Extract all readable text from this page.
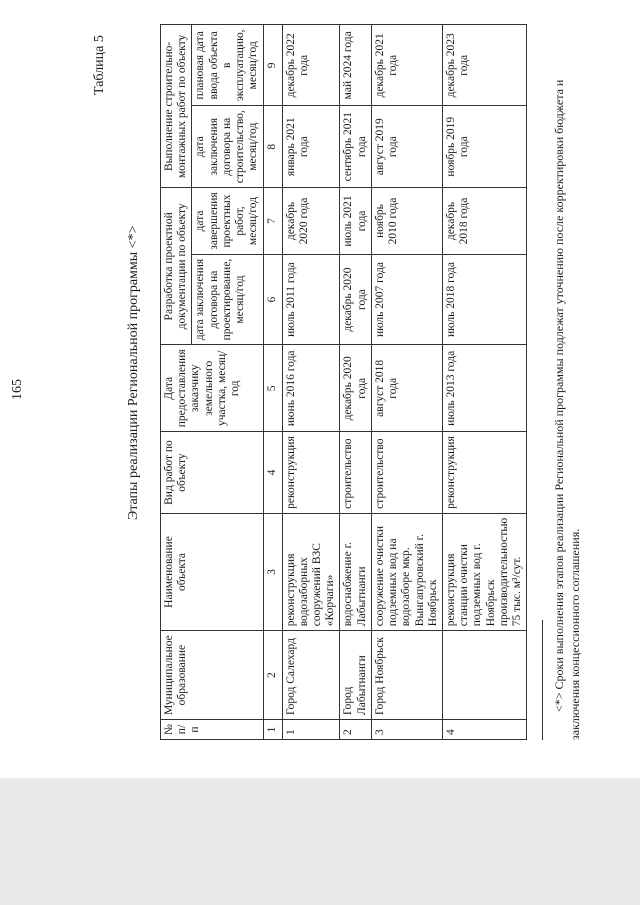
165
Таблица 5
Этапы реализации Региональной программы <*>
№ п/п	Муниципальное образование	Наименование объекта	Вид работ по объекту	Дата предоставления заказчику земельного участка, месяц/год	Разработка проектной документации по объекту		Выполнение строительно-монтажных работ по объекту	
					дата заключения договора на проектирование, месяц/год	дата завершения проектных работ, месяц/год	дата заключения договора на строительство, месяц/год	плановая дата ввода объекта в эксплуатацию, месяц/год
1	2	3	4	5	6	7	8	9
1	Город Салехард	реконструкция водозаборных сооружений ВЗС «Корчаги»	реконструкция	июнь 2016 года	июль 2011 года	декабрь 2020 года	январь 2021 года	декабрь 2022 года
2	Город Лабытнанги	водоснабжение г. Лабытнанги	строительство	декабрь 2020 года	декабрь 2020 года	июль 2021 года	сентябрь 2021 года	май 2024 года
3	Город Ноябрьск	сооружение очистки подземных вод на водозаборе мкр. Вынгапуровский г. Ноябрьск	строительство	август 2018 года	июль 2007 года	ноябрь 2010 года	август 2019 года	декабрь 2021 года
4		реконструкция станции очистки подземных вод г. Ноябрьск производительностью 75 тыс. м³/сут.	реконструкция	июль 2013 года	июль 2018 года	декабрь 2018 года	ноябрь 2019 года	декабрь 2023 года
<*> Сроки выполнения этапов реализации Региональной программы подлежат уточнению после корректировки бюджета и заключения концессионного соглашения.
